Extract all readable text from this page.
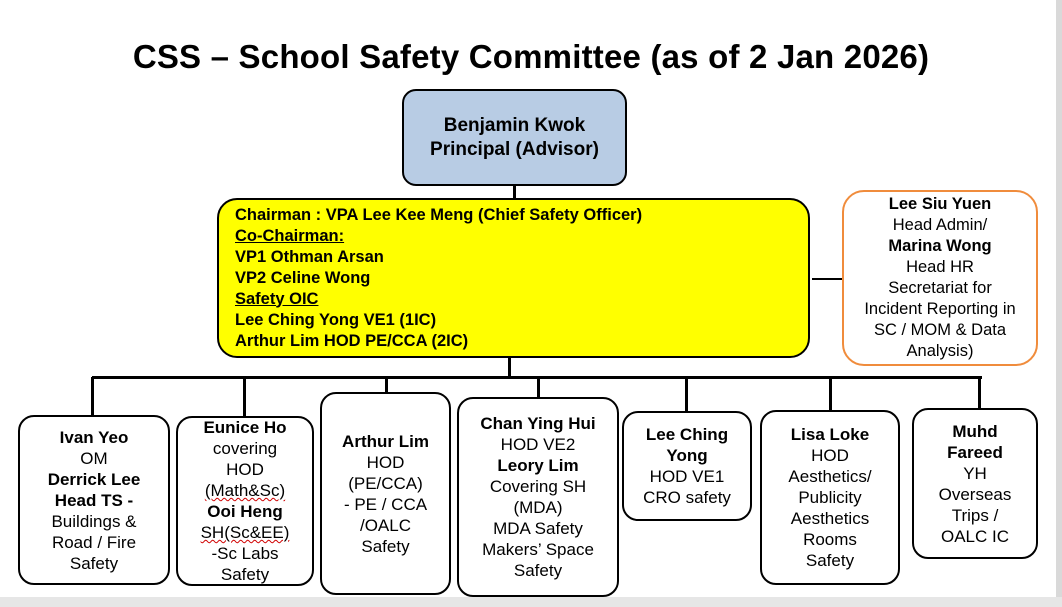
CSS – School Safety Committee (as of 2 Jan 2026)
Benjamin Kwok
Principal (Advisor)
Chairman : VPA Lee Kee Meng (Chief Safety Officer)
Co-Chairman:
VP1 Othman Arsan
VP2 Celine Wong
Safety OIC
Lee Ching Yong VE1 (1IC)
Arthur Lim HOD PE/CCA (2IC)
Lee Siu Yuen
Head Admin/
Marina Wong
Head HR
Secretariat for
Incident Reporting in
SC / MOM & Data
Analysis)
Ivan Yeo
OM
Derrick Lee
Head TS -
Buildings &
Road / Fire
Safety
Eunice Ho
covering
HOD
(Math&Sc)
Ooi Heng
SH(Sc&EE)
-Sc Labs
Safety
Arthur Lim
HOD
(PE/CCA)
- PE / CCA
/OALC
Safety
Chan Ying Hui
HOD VE2
Leory Lim
Covering SH
(MDA)
MDA Safety
Makers’ Space
Safety
Lee Ching
Yong
HOD VE1
CRO safety
Lisa Loke
HOD
Aesthetics/
Publicity
Aesthetics
Rooms
Safety
Muhd
Fareed
YH
Overseas
Trips /
OALC IC
